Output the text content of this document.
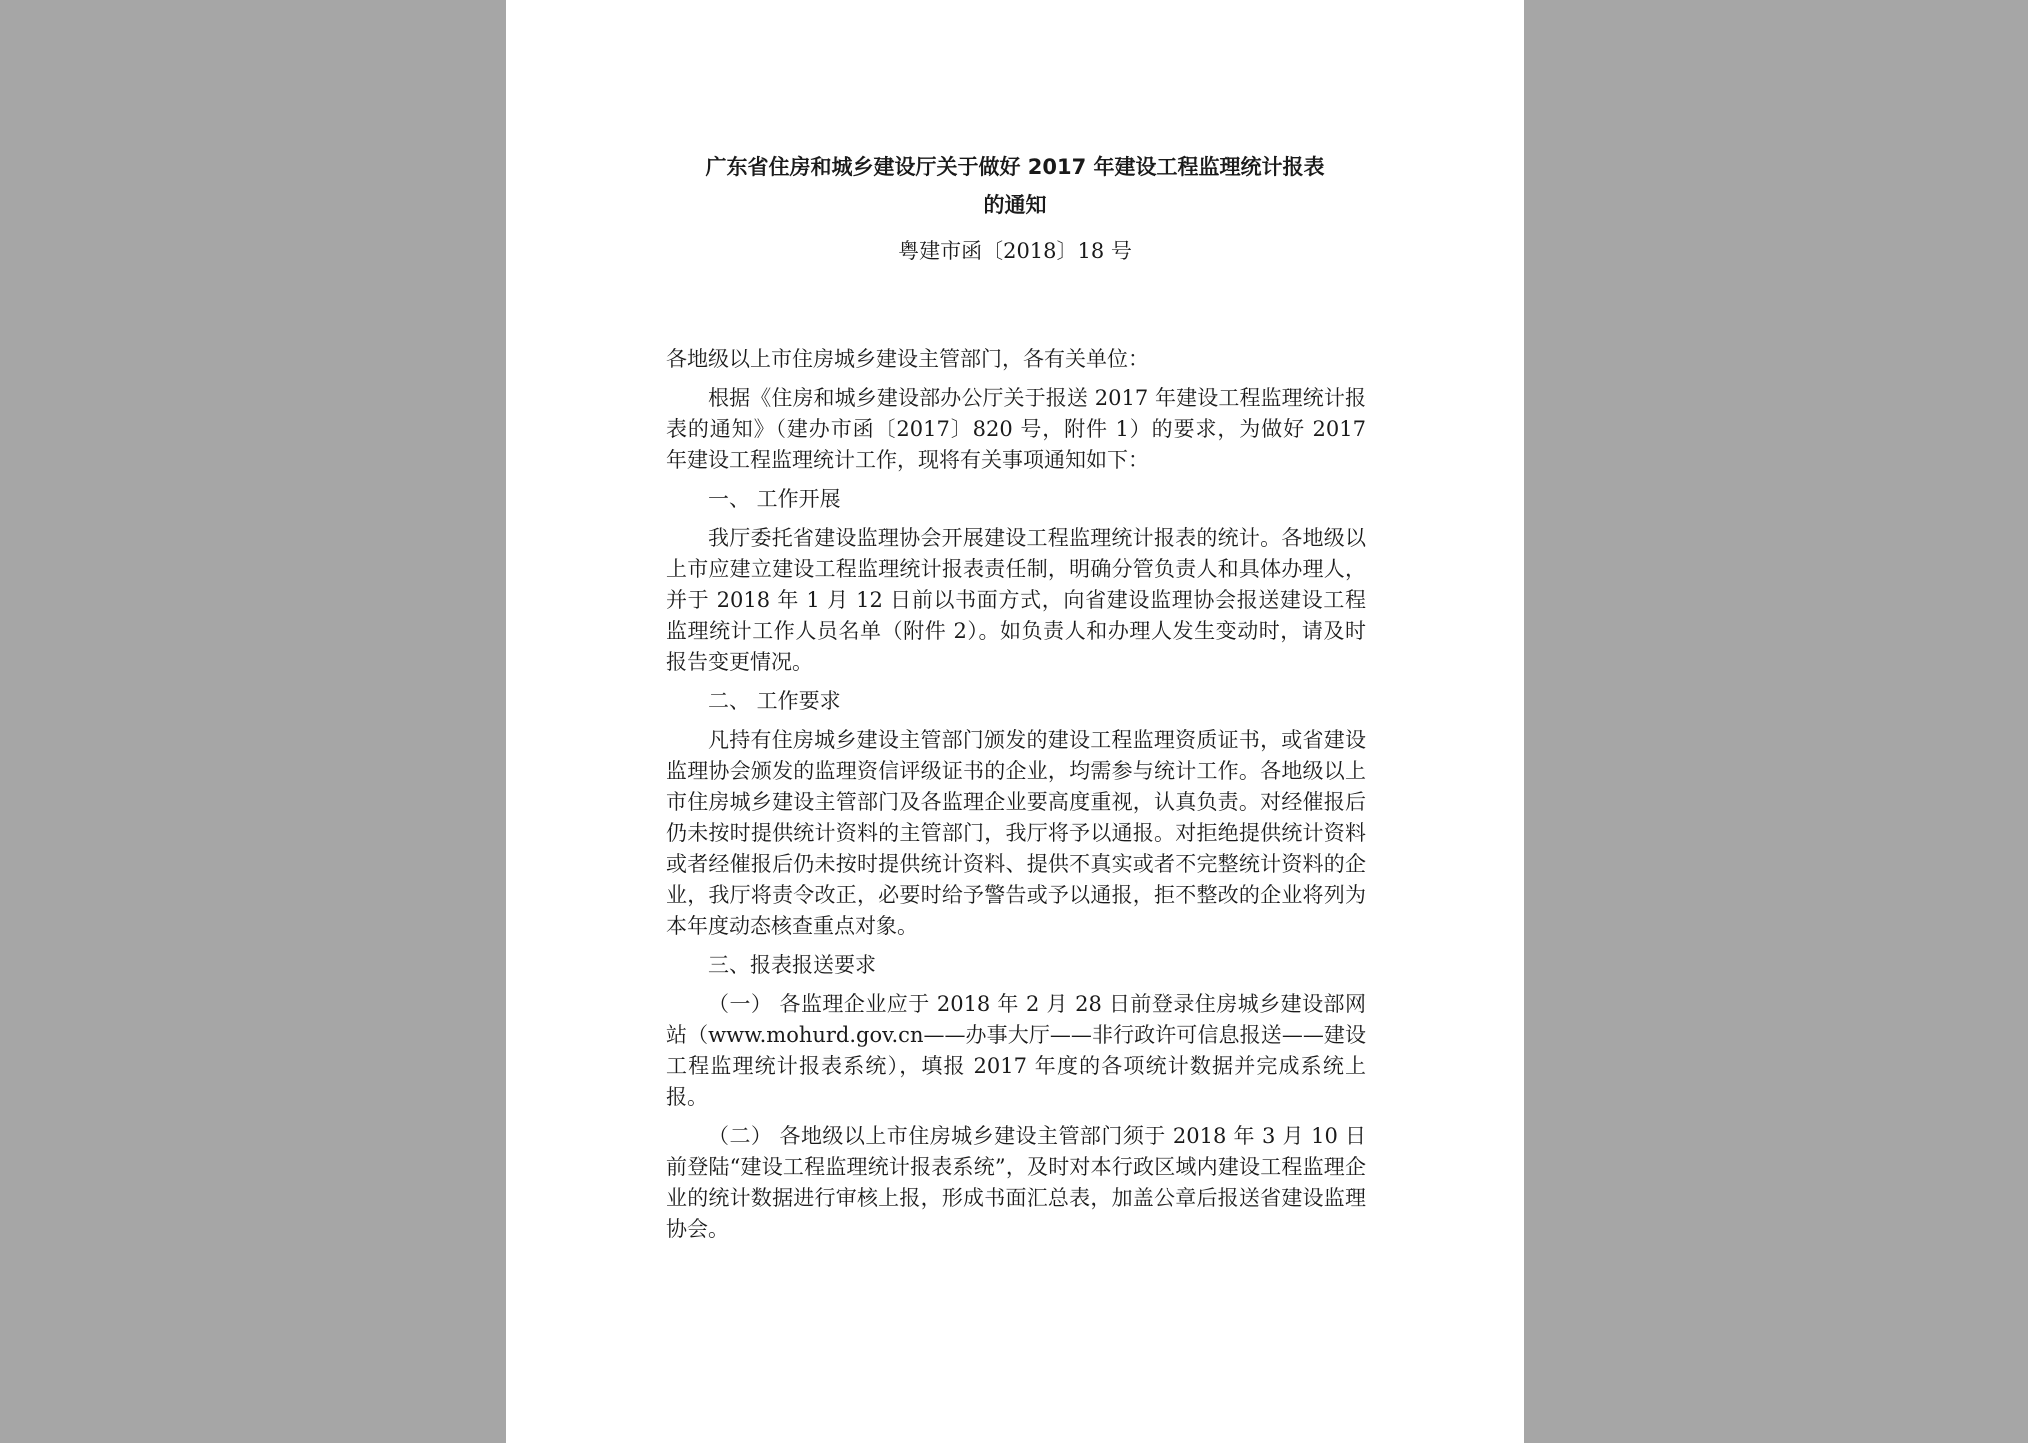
广东省住房和城乡建设厅关于做好 2017 年建设工程监理统计报表
的通知
粤建市函〔2018〕18 号

各地级以上市住房城乡建设主管部门，各有关单位：

根据《住房和城乡建设部办公厅关于报送 2017 年建设工程监理统计报表的通知》（建办市函〔2017〕820 号，附件 1）的要求，为做好 2017 年建设工程监理统计工作，现将有关事项通知如下：

一、 工作开展

我厅委托省建设监理协会开展建设工程监理统计报表的统计。各地级以上市应建立建设工程监理统计报表责任制，明确分管负责人和具体办理人，并于 2018 年 1 月 12 日前以书面方式，向省建设监理协会报送建设工程监理统计工作人员名单（附件 2）。如负责人和办理人发生变动时，请及时报告变更情况。

二、 工作要求

凡持有住房城乡建设主管部门颁发的建设工程监理资质证书，或省建设监理协会颁发的监理资信评级证书的企业，均需参与统计工作。各地级以上市住房城乡建设主管部门及各监理企业要高度重视，认真负责。对经催报后仍未按时提供统计资料的主管部门，我厅将予以通报。对拒绝提供统计资料或者经催报后仍未按时提供统计资料、提供不真实或者不完整统计资料的企业，我厅将责令改正，必要时给予警告或予以通报，拒不整改的企业将列为本年度动态核查重点对象。

三、报表报送要求

（一） 各监理企业应于 2018 年 2 月 28 日前登录住房城乡建设部网站（www.mohurd.gov.cn——办事大厅——非行政许可信息报送——建设工程监理统计报表系统），填报 2017 年度的各项统计数据并完成系统上报。

（二） 各地级以上市住房城乡建设主管部门须于 2018 年 3 月 10 日前登陆“建设工程监理统计报表系统”，及时对本行政区域内建设工程监理企业的统计数据进行审核上报，形成书面汇总表，加盖公章后报送省建设监理协会。
